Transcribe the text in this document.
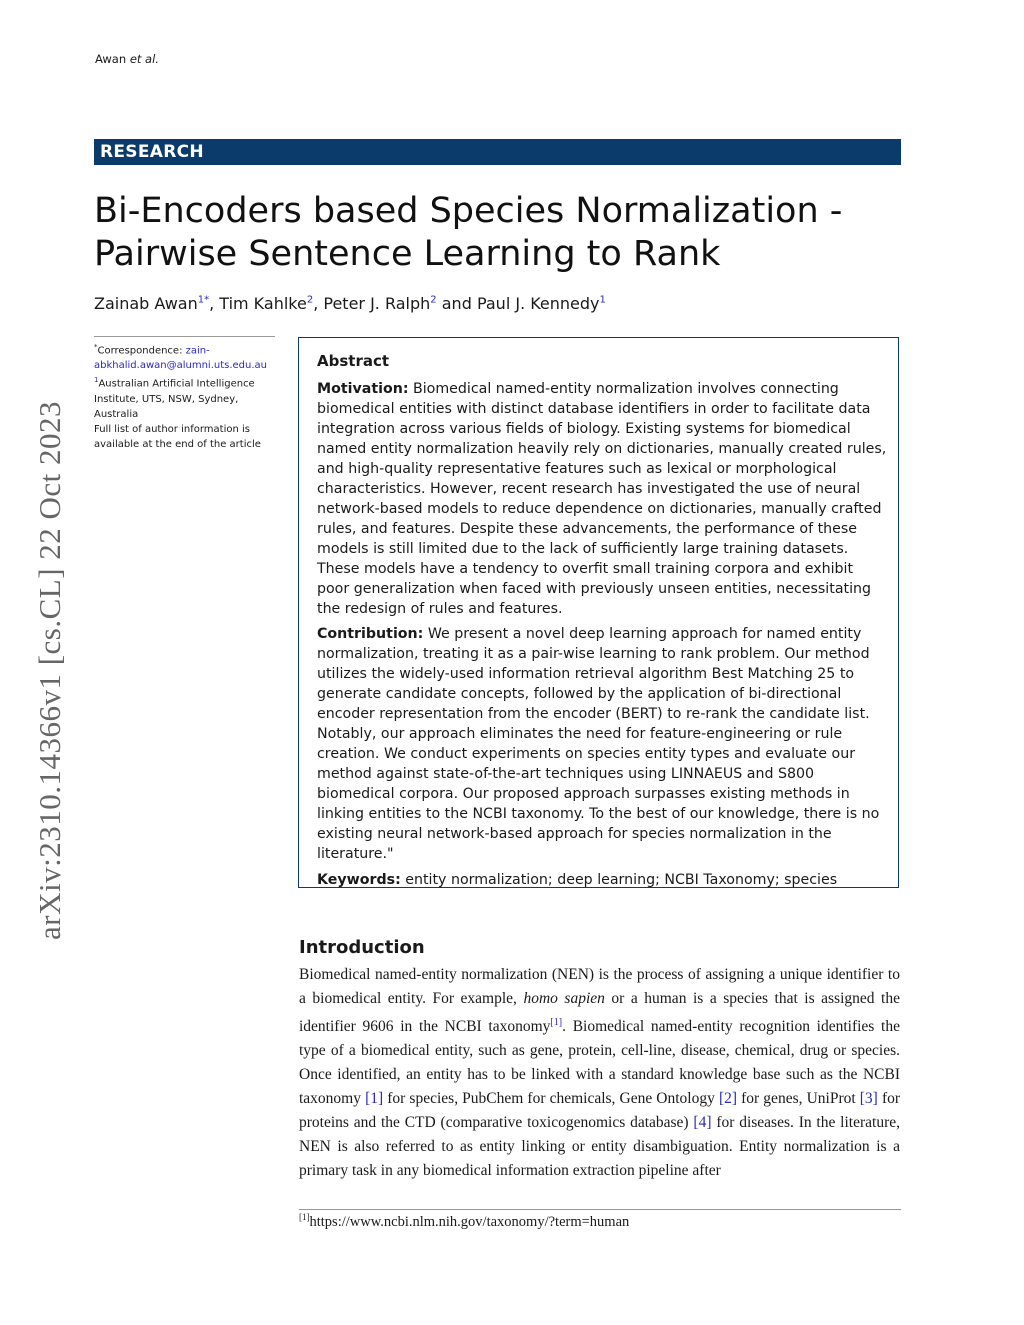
Awan et al.
RESEARCH
Bi-Encoders based Species Normalization -
Pairwise Sentence Learning to Rank
Zainab Awan$^{1*}$, Tim Kahlke$^2$, Peter J. Ralph$^2$ and Paul J. Kennedy$^1$
*Correspondence: zain-
abkhalid.awan@alumni.uts.edu.au
$^1$Australian Artificial Intelligence Institute, UTS, NSW, Sydney, Australia
Full list of author information is available at the end of the article
arXiv:2310.14366v1 [cs.CL] 22 Oct 2023
Abstract

Motivation: Biomedical named-entity normalization involves connecting biomedical entities with distinct database identifiers in order to facilitate data integration across various fields of biology. Existing systems for biomedical named entity normalization heavily rely on dictionaries, manually created rules, and high-quality representative features such as lexical or morphological characteristics. However, recent research has investigated the use of neural network-based models to reduce dependence on dictionaries, manually crafted rules, and features. Despite these advancements, the performance of these models is still limited due to the lack of sufficiently large training datasets. These models have a tendency to overfit small training corpora and exhibit poor generalization when faced with previously unseen entities, necessitating the redesign of rules and features.

Contribution: We present a novel deep learning approach for named entity normalization, treating it as a pair-wise learning to rank problem. Our method utilizes the widely-used information retrieval algorithm Best Matching 25 to generate candidate concepts, followed by the application of bi-directional encoder representation from the encoder (BERT) to re-rank the candidate list. Notably, our approach eliminates the need for feature-engineering or rule creation. We conduct experiments on species entity types and evaluate our method against state-of-the-art techniques using LINNAEUS and S800 biomedical corpora. Our proposed approach surpasses existing methods in linking entities to the NCBI taxonomy. To the best of our knowledge, there is no existing neural network-based approach for species normalization in the literature."

Keywords: entity normalization; deep learning; NCBI Taxonomy; species
Introduction

Biomedical named-entity normalization (NEN) is the process of assigning a unique identifier to a biomedical entity. For example, homo sapien or a human is a species that is assigned the identifier 9606 in the NCBI taxonomy[1]. Biomedical named-entity recognition identifies the type of a biomedical entity, such as gene, protein, cell-line, disease, chemical, drug or species. Once identified, an entity has to be linked with a standard knowledge base such as the NCBI taxonomy [1] for species, PubChem for chemicals, Gene Ontology [2] for genes, UniProt [3] for proteins and the CTD (comparative toxicogenomics database) [4] for diseases. In the literature, NEN is also referred to as entity linking or entity disambiguation. Entity normalization is a primary task in any biomedical information extraction pipeline after

[1]https://www.ncbi.nlm.nih.gov/taxonomy/?term=human
